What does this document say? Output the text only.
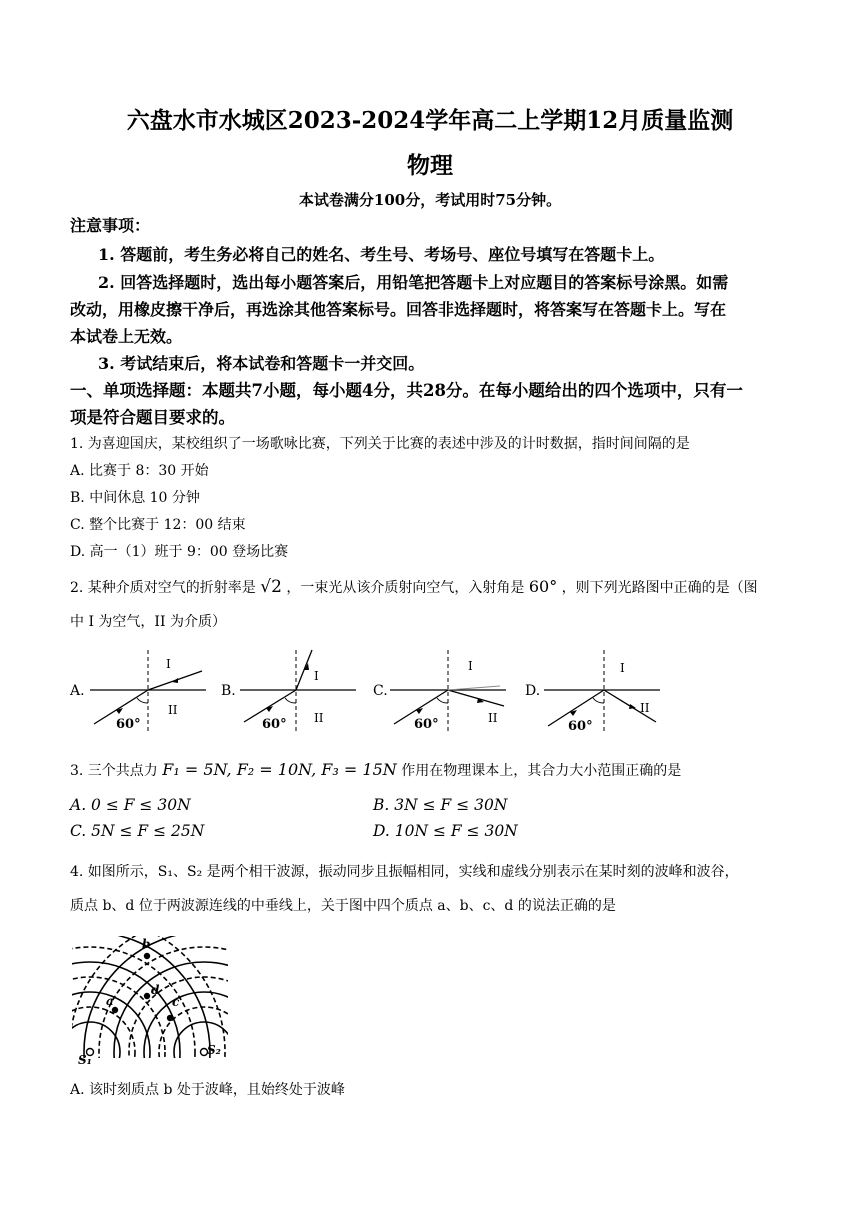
六盘水市水城区2023-2024学年高二上学期12月质量监测
物理
本试卷满分100分，考试用时75分钟。
注意事项：
1. 答题前，考生务必将自己的姓名、考生号、考场号、座位号填写在答题卡上。
2. 回答选择题时，选出每小题答案后，用铅笔把答题卡上对应题目的答案标号涂黑。如需
改动，用橡皮擦干净后，再选涂其他答案标号。回答非选择题时，将答案写在答题卡上。写在
本试卷上无效。
3. 考试结束后，将本试卷和答题卡一并交回。
一、单项选择题：本题共7小题，每小题4分，共28分。在每小题给出的四个选项中，只有一
项是符合题目要求的。
1. 为喜迎国庆，某校组织了一场歌咏比赛，下列关于比赛的表述中涉及的计时数据，指时间间隔的是
A. 比赛于 8：30 开始
B. 中间休息 10 分钟
C. 整个比赛于 12：00 结束
D. 高一（1）班于 9：00 登场比赛
2. 某种介质对空气的折射率是 √2 ，一束光从该介质射向空气，入射角是 60° ，则下列光路图中正确的是（图
中 I 为空气，II 为介质）
A.	B.	C.	D.
60°
I
II
60°
I
II	60°
I
II
60°
I
II
3. 三个共点力 F₁ = 5N, F₂ = 10N, F₃ = 15N 作用在物理课本上，其合力大小范围正确的是
A. 0 ≤ F ≤ 30N	B. 3N ≤ F ≤ 30N
C. 5N ≤ F ≤ 25N	D. 10N ≤ F ≤ 30N
4. 如图所示，S₁、S₂ 是两个相干波源，振动同步且振幅相同，实线和虚线分别表示在某时刻的波峰和波谷，
质点 b、d 位于两波源连线的中垂线上，关于图中四个质点 a、b、c、d 的说法正确的是
b
a	c
d
S₁
S₂
A. 该时刻质点 b 处于波峰，且始终处于波峰
